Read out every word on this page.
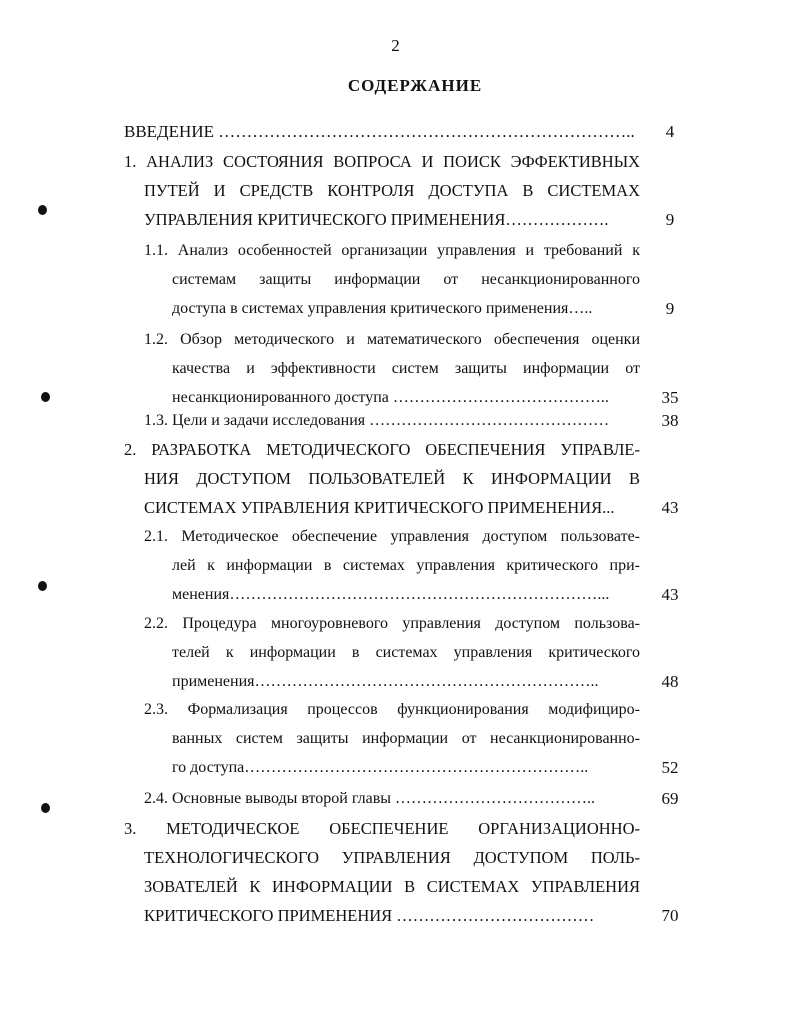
2
СОДЕРЖАНИЕ
ВВЕДЕНИЕ ………………………………………………………………..	4
1. АНАЛИЗ СОСТОЯНИЯ ВОПРОСА И ПОИСК ЭФФЕКТИВНЫХ
ПУТЕЙ И СРЕДСТВ КОНТРОЛЯ ДОСТУПА В СИСТЕМАХ
УПРАВЛЕНИЯ КРИТИЧЕСКОГО ПРИМЕНЕНИЯ……………….	9
1.1. Анализ особенностей организации управления и требований к
системам защиты информации от несанкционированного
доступа в системах управления критического применения…..	9
1.2. Обзор методического и математического обеспечения оценки
качества и эффективности систем защиты информации от
несанкционированного доступа …………………………………..	35
1.3. Цели и задачи исследования ………………………………………	38
2. РАЗРАБОТКА МЕТОДИЧЕСКОГО ОБЕСПЕЧЕНИЯ УПРАВЛЕ-
НИЯ ДОСТУПОМ ПОЛЬЗОВАТЕЛЕЙ К ИНФОРМАЦИИ В
СИСТЕМАХ УПРАВЛЕНИЯ КРИТИЧЕСКОГО ПРИМЕНЕНИЯ...	43
2.1. Методическое обеспечение управления доступом пользовате-
лей к информации в системах управления критического при-
менения……………………………………………………………...	43
2.2. Процедура многоуровневого управления доступом пользова-
телей к информации в системах управления критического
применения………………………………………………………..	48
2.3. Формализация процессов функционирования модифициро-
ванных систем защиты информации от несанкционированно-
го доступа………………………………………………………..	52
2.4. Основные выводы второй главы ………………………………..	69
3. МЕТОДИЧЕСКОЕ ОБЕСПЕЧЕНИЕ ОРГАНИЗАЦИОННО-
ТЕХНОЛОГИЧЕСКОГО УПРАВЛЕНИЯ ДОСТУПОМ ПОЛЬ-
ЗОВАТЕЛЕЙ К ИНФОРМАЦИИ В СИСТЕМАХ УПРАВЛЕНИЯ
КРИТИЧЕСКОГО ПРИМЕНЕНИЯ ………………………………	70
